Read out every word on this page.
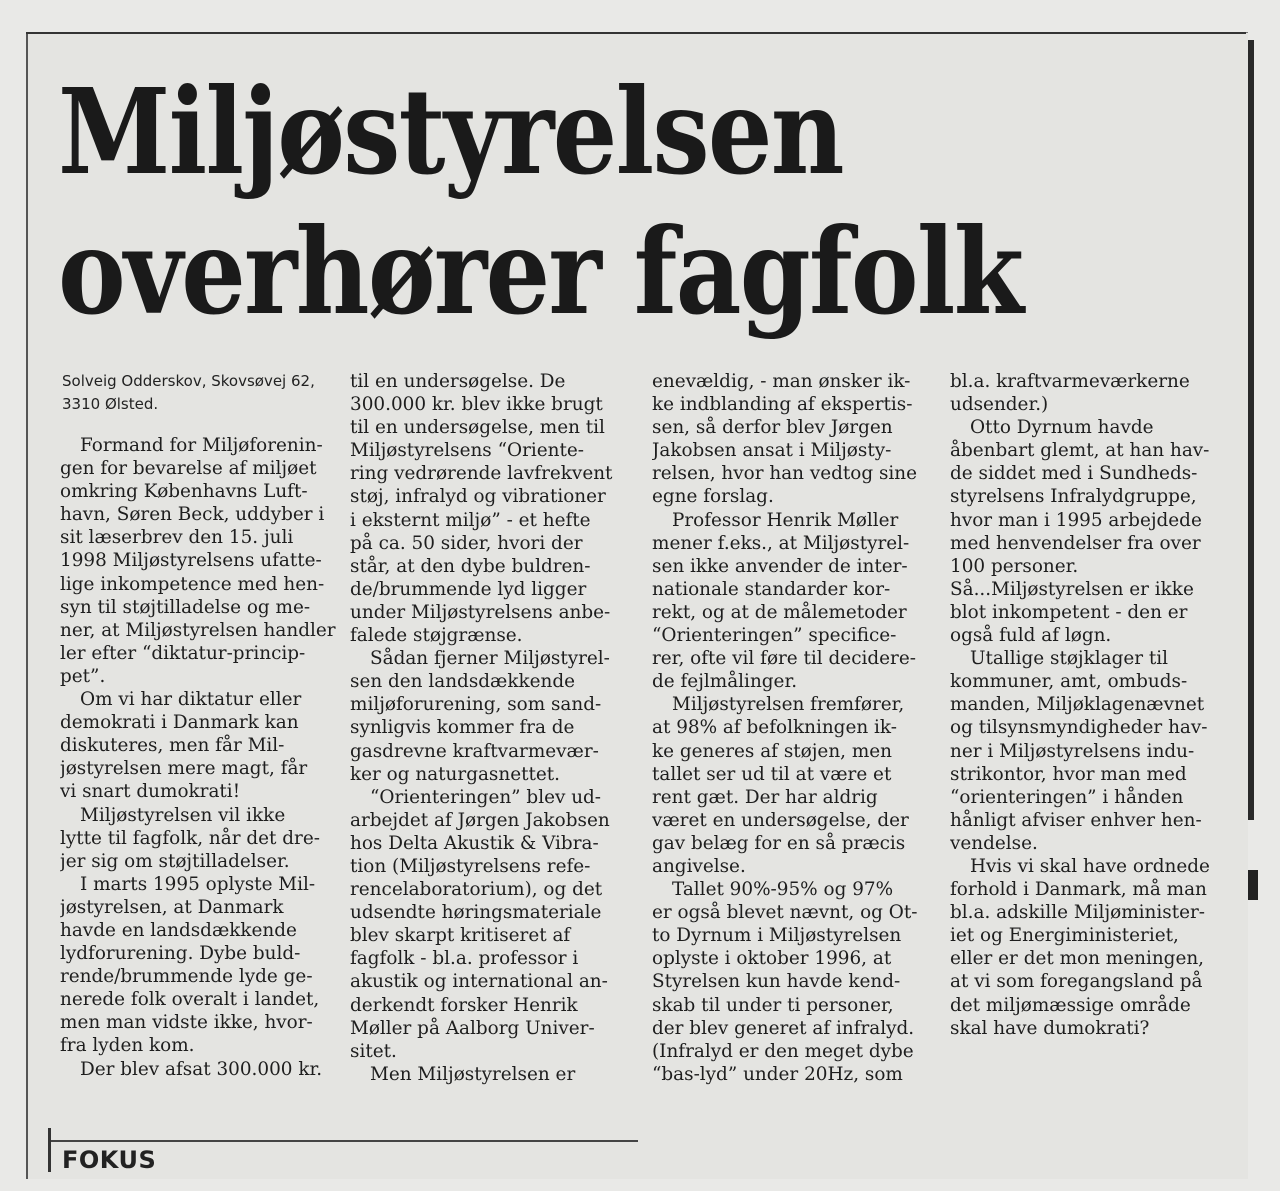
Miljøstyrelsen
overhører fagfolk
Solveig Odderskov, Skovsøvej 62,
3310 Ølsted.
Formand for Miljøforenin-
gen for bevarelse af miljøet
omkring Københavns Luft-
havn, Søren Beck, uddyber i
sit læserbrev den 15. juli
1998 Miljøstyrelsens ufatte-
lige inkompetence med hen-
syn til støjtilladelse og me-
ner, at Miljøstyrelsen handler
ler efter “diktatur-princip-
pet”.
Om vi har diktatur eller
demokrati i Danmark kan
diskuteres, men får Mil-
jøstyrelsen mere magt, får
vi snart dumokrati!
Miljøstyrelsen vil ikke
lytte til fagfolk, når det dre-
jer sig om støjtilladelser.
I marts 1995 oplyste Mil-
jøstyrelsen, at Danmark
havde en landsdækkende
lydforurening. Dybe buld-
rende/brummende lyde ge-
nerede folk overalt i landet,
men man vidste ikke, hvor-
fra lyden kom.
Der blev afsat 300.000 kr.
til en undersøgelse. De
300.000 kr. blev ikke brugt
til en undersøgelse, men til
Miljøstyrelsens “Oriente-
ring vedrørende lavfrekvent
støj, infralyd og vibrationer
i eksternt miljø” - et hefte
på ca. 50 sider, hvori der
står, at den dybe buldren-
de/brummende lyd ligger
under Miljøstyrelsens anbe-
falede støjgrænse.
Sådan fjerner Miljøstyrel-
sen den landsdækkende
miljøforurening, som sand-
synligvis kommer fra de
gasdrevne kraftvarmevær-
ker og naturgasnettet.
“Orienteringen” blev ud-
arbejdet af Jørgen Jakobsen
hos Delta Akustik & Vibra-
tion (Miljøstyrelsens refe-
rencelaboratorium), og det
udsendte høringsmateriale
blev skarpt kritiseret af
fagfolk - bl.a. professor i
akustik og international an-
derkendt forsker Henrik
Møller på Aalborg Univer-
sitet.
Men Miljøstyrelsen er
enevældig, - man ønsker ik-
ke indblanding af ekspertis-
sen, så derfor blev Jørgen
Jakobsen ansat i Miljøsty-
relsen, hvor han vedtog sine
egne forslag.
Professor Henrik Møller
mener f.eks., at Miljøstyrel-
sen ikke anvender de inter-
nationale standarder kor-
rekt, og at de målemetoder
“Orienteringen” specifice-
rer, ofte vil føre til decidere-
de fejlmålinger.
Miljøstyrelsen fremfører,
at 98% af befolkningen ik-
ke generes af støjen, men
tallet ser ud til at være et
rent gæt. Der har aldrig
været en undersøgelse, der
gav belæg for en så præcis
angivelse.
Tallet 90%-95% og 97%
er også blevet nævnt, og Ot-
to Dyrnum i Miljøstyrelsen
oplyste i oktober 1996, at
Styrelsen kun havde kend-
skab til under ti personer,
der blev generet af infralyd.
(Infralyd er den meget dybe
“bas-lyd” under 20Hz, som
bl.a. kraftvarmeværkerne
udsender.)
Otto Dyrnum havde
åbenbart glemt, at han hav-
de siddet med i Sundheds-
styrelsens Infralydgruppe,
hvor man i 1995 arbejdede
med henvendelser fra over
100 personer.
Så...Miljøstyrelsen er ikke
blot inkompetent - den er
også fuld af løgn.
Utallige støjklager til
kommuner, amt, ombuds-
manden, Miljøklagenævnet
og tilsynsmyndigheder hav-
ner i Miljøstyrelsens indu-
strikontor, hvor man med
“orienteringen” i hånden
hånligt afviser enhver hen-
vendelse.
Hvis vi skal have ordnede
forhold i Danmark, må man
bl.a. adskille Miljøminister-
iet og Energiministeriet,
eller er det mon meningen,
at vi som foregangsland på
det miljømæssige område
skal have dumokrati?
FOKUS
